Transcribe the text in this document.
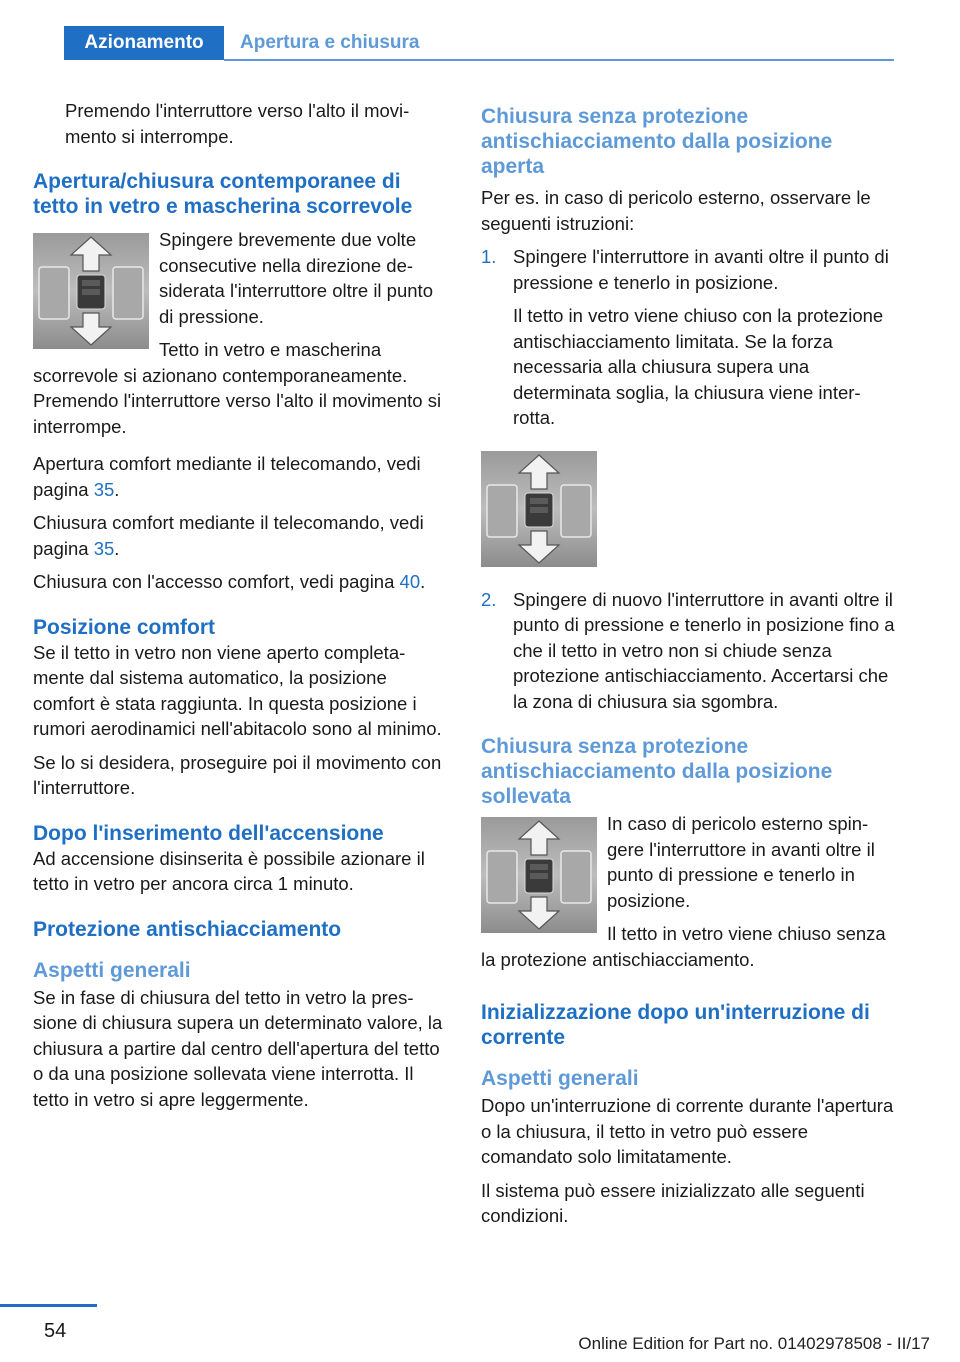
Azionamento	Apertura e chiusura

Premendo l'interruttore verso l'alto il movimento si interrompe.

Apertura/chiusura contemporanee di tetto in vetro e mascherina scorrevole

Spingere brevemente due volte consecutive nella direzione desiderata l'interruttore oltre il punto di pressione.

Tetto in vetro e mascherina scorrevole si azionano contemporaneamente. Premendo l'interruttore verso l'alto il movimento si interrompe.

Apertura comfort mediante il telecomando, vedi pagina 35.

Chiusura comfort mediante il telecomando, vedi pagina 35.

Chiusura con l'accesso comfort, vedi pagina 40.

Posizione comfort

Se il tetto in vetro non viene aperto completamente dal sistema automatico, la posizione comfort è stata raggiunta. In questa posizione i rumori aerodinamici nell'abitacolo sono al minimo.

Se lo si desidera, proseguire poi il movimento con l'interruttore.

Dopo l'inserimento dell'accensione

Ad accensione disinserita è possibile azionare il tetto in vetro per ancora circa 1 minuto.

Protezione antischiacciamento
Aspetti generali

Se in fase di chiusura del tetto in vetro la pressione di chiusura supera un determinato valore, la chiusura a partire dal centro dell'apertura del tetto o da una posizione sollevata viene interrotta. Il tetto in vetro si apre leggermente.

Chiusura senza protezione antischiacciamento dalla posizione aperta

Per es. in caso di pericolo esterno, osservare le seguenti istruzioni:

1. Spingere l'interruttore in avanti oltre il punto di pressione e tenerlo in posizione.
Il tetto in vetro viene chiuso con la protezione antischiacciamento limitata. Se la forza necessaria alla chiusura supera una determinata soglia, la chiusura viene interrotta.
2. Spingere di nuovo l'interruttore in avanti oltre il punto di pressione e tenerlo in posizione fino a che il tetto in vetro non si chiude senza protezione antischiacciamento. Accertarsi che la zona di chiusura sia sgombra.
Chiusura senza protezione antischiacciamento dalla posizione sollevata

In caso di pericolo esterno spingere l'interruttore in avanti oltre il punto di pressione e tenerlo in posizione.

Il tetto in vetro viene chiuso senza la protezione antischiacciamento.

Inizializzazione dopo un'interruzione di corrente
Aspetti generali

Dopo un'interruzione di corrente durante l'apertura o la chiusura, il tetto in vetro può essere comandato solo limitatamente.

Il sistema può essere inizializzato alle seguenti condizioni.

54
Online Edition for Part no. 01402978508 - II/17
